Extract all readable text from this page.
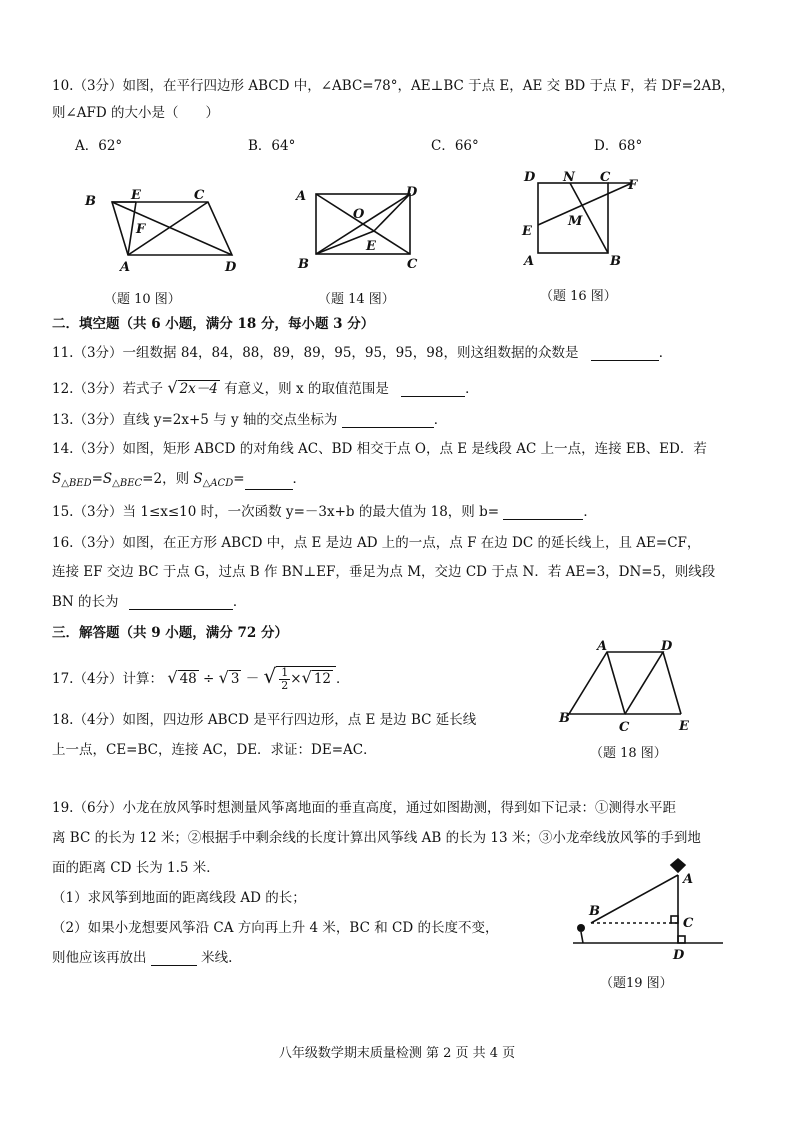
10.（3分）如图，在平行四边形 ABCD 中，∠ABC=78°，AE⊥BC 于点 E，AE 交 BD 于点 F，若 DF=2AB，
则∠AFD 的大小是（　　）
A．62°	B．64°	C．66°	D．68°
B	E	C
F
A	D
（题 10 图）
A	D
O
E
B	C
（题 14 图）
D N C
F
M
E
A	B
（题 16 图）
二．填空题（共 6 小题，满分 18 分，每小题 3 分）
11.（3分）一组数据 84，84，88，89，89，95，95，95，98，则这组数据的众数是	．
12.（3分）若式子 √ 2x－4 有意义，则 x 的取值范围是	．
13.（3分）直线 y=2x+5 与 y 轴的交点坐标为	．
14.（3分）如图，矩形 ABCD 的对角线 AC、BD 相交于点 O，点 E 是线段 AC 上一点，连接 EB、ED．若
$S_{\triangle BED}=S_{\triangle BEC}=2$，则 $S_{\triangle ACD}=$	．
15.（3分）当 1≤x≤10 时，一次函数 y=－3x+b 的最大值为 18，则 b=	．
16.（3分）如图，在正方形 ABCD 中，点 E 是边 AD 上的一点，点 F 在边 DC 的延长线上，且 AE=CF，
连接 EF 交边 BC 于点 G，过点 B 作 BN⊥EF，垂足为点 M，交边 CD 于点 N．若 AE=3，DN=5，则线段
BN 的长为	．
三．解答题（共 9 小题，满分 72 分）
17.（4分）计算： √ 48 ÷ √ 3 － √ $\frac{1}{2}$ ×√ 12 ．
18.（4分）如图，四边形 ABCD 是平行四边形，点 E 是边 BC 延长线
上一点，CE=BC，连接 AC，DE．求证：DE=AC．
A	D
B
C	E
（题 18 图）
19.（6分）小龙在放风筝时想测量风筝离地面的垂直高度，通过如图勘测，得到如下记录：①测得水平距
离 BC 的长为 12 米；②根据手中剩余线的长度计算出风筝线 AB 的长为 13 米；③小龙牵线放风筝的手到地
面的距离 CD 长为 1.5 米．
（1）求风筝到地面的距离线段 AD 的长；
（2）如果小龙想要风筝沿 CA 方向再上升 4 米，BC 和 CD 的长度不变，
则他应该再放出	米线.
A
B
C
D
（题19 图）
八年级数学期末质量检测 第 2 页 共 4 页
